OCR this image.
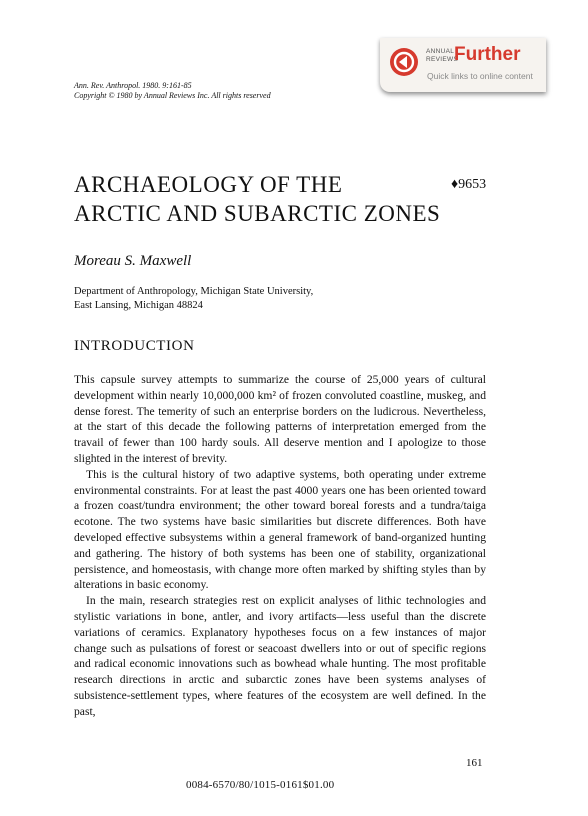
ANNUAL
REVIEWS
Further
Quick links to online content
Ann. Rev. Anthropol. 1980. 9:161-85
Copyright © 1980 by Annual Reviews Inc. All rights reserved
ARCHAEOLOGY OF THE
ARCTIC AND SUBARCTIC ZONES
♦9653
Moreau S. Maxwell
Department of Anthropology, Michigan State University,
East Lansing, Michigan 48824
INTRODUCTION

This capsule survey attempts to summarize the course of 25,000 years of cultural development within nearly 10,000,000 km² of frozen convoluted coastline, muskeg, and dense forest. The temerity of such an enterprise borders on the ludicrous. Nevertheless, at the start of this decade the following patterns of interpretation emerged from the travail of fewer than 100 hardy souls. All deserve mention and I apologize to those slighted in the interest of brevity.

This is the cultural history of two adaptive systems, both operating under extreme environmental constraints. For at least the past 4000 years one has been oriented toward a frozen coast/tundra environment; the other toward boreal forests and a tundra/taiga ecotone. The two systems have basic similarities but discrete differences. Both have developed effective subsystems within a general framework of band-organized hunting and gathering. The history of both systems has been one of stability, organizational persistence, and homeostasis, with change more often marked by shifting styles than by alterations in basic economy.

In the main, research strategies rest on explicit analyses of lithic technologies and stylistic variations in bone, antler, and ivory artifacts—less useful than the discrete variations of ceramics. Explanatory hypotheses focus on a few instances of major change such as pulsations of forest or seacoast dwellers into or out of specific regions and radical economic innovations such as bowhead whale hunting. The most profitable research directions in arctic and subarctic zones have been systems analyses of subsistence-settlement types, where features of the ecosystem are well defined. In the past,

161
0084-6570/80/1015-0161$01.00
